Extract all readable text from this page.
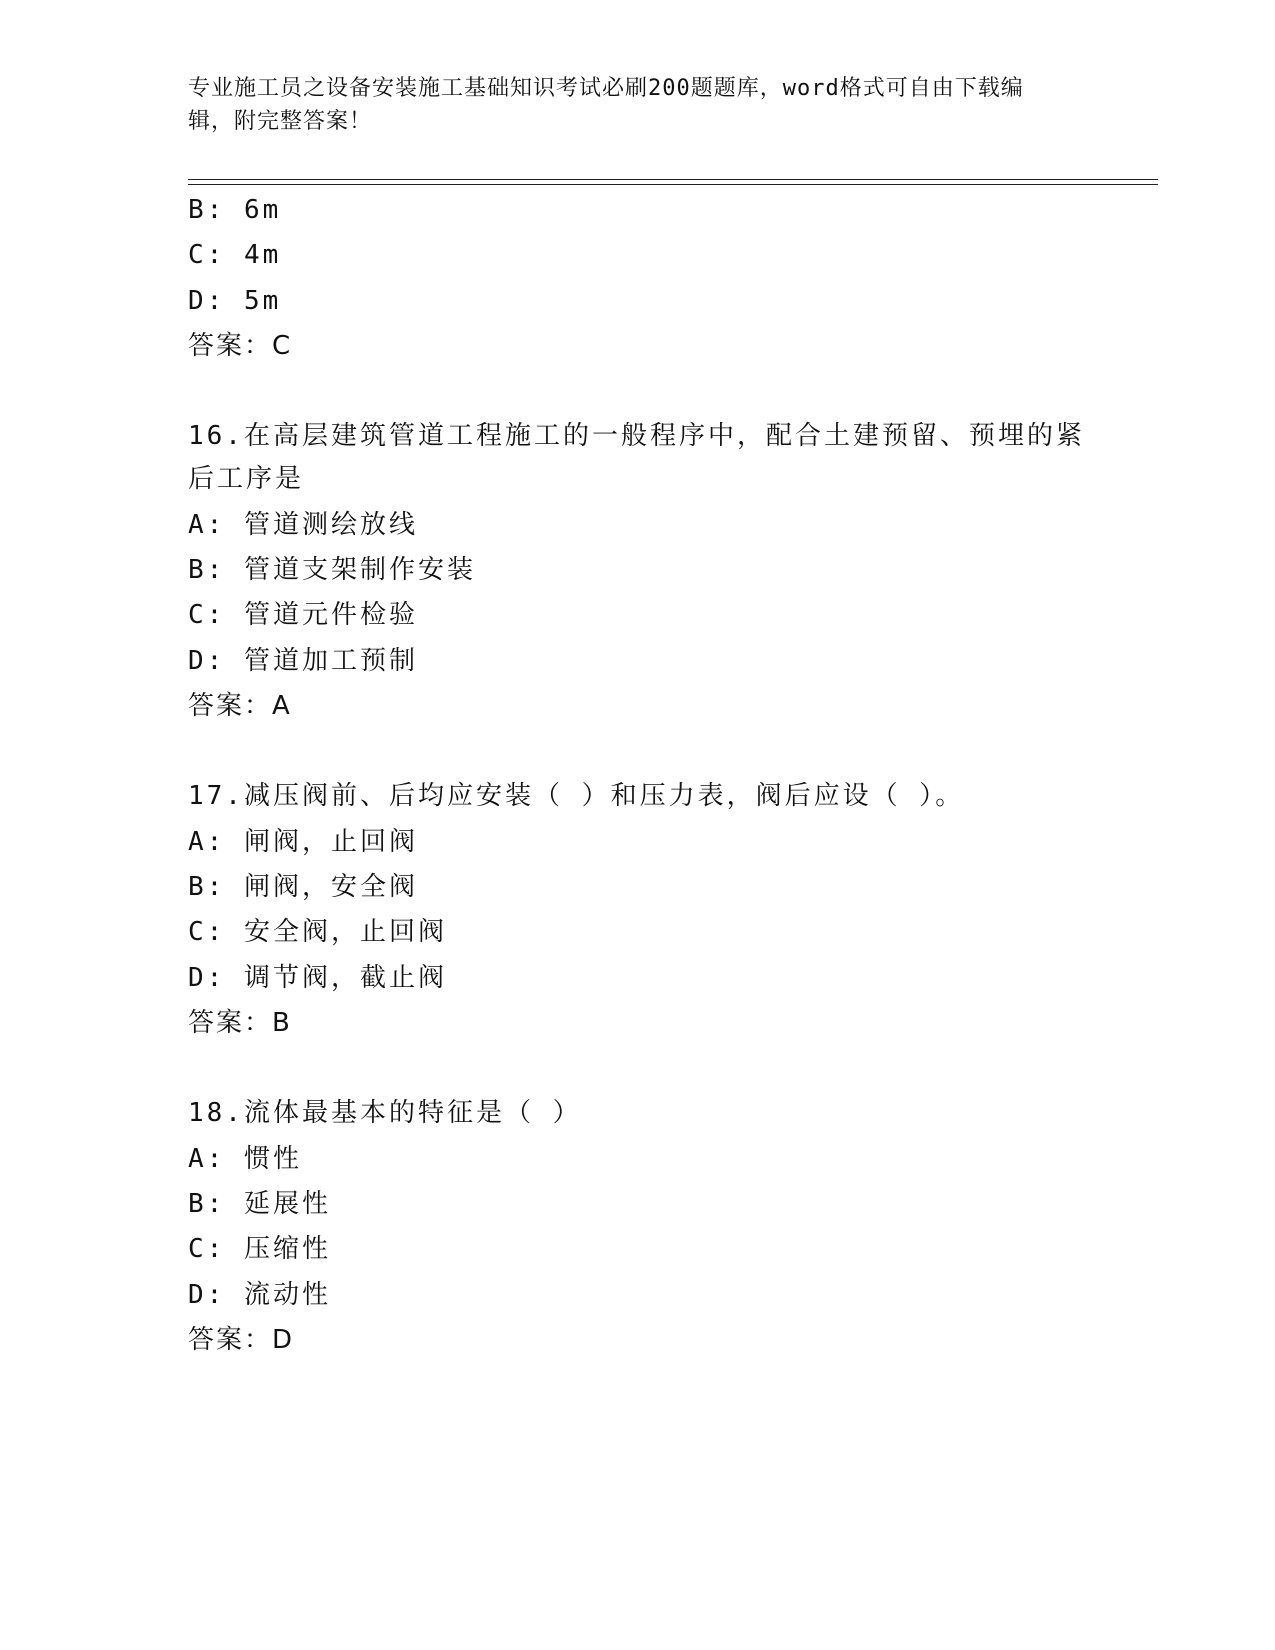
专业施工员之设备安装施工基础知识考试必刷200题题库，word格式可自由下载编辑，附完整答案！
B: 6m
C: 4m
D: 5m
答案：C
16.在高层建筑管道工程施工的一般程序中，配合土建预留、预埋的紧
后工序是
A: 管道测绘放线
B: 管道支架制作安装
C: 管道元件检验
D: 管道加工预制
答案：A
17.减压阀前、后均应安装（ ）和压力表，阀后应设（ ）。
A: 闸阀，止回阀
B: 闸阀，安全阀
C: 安全阀，止回阀
D: 调节阀，截止阀
答案：B
18.流体最基本的特征是（ ）
A: 惯性
B: 延展性
C: 压缩性
D: 流动性
答案：D
